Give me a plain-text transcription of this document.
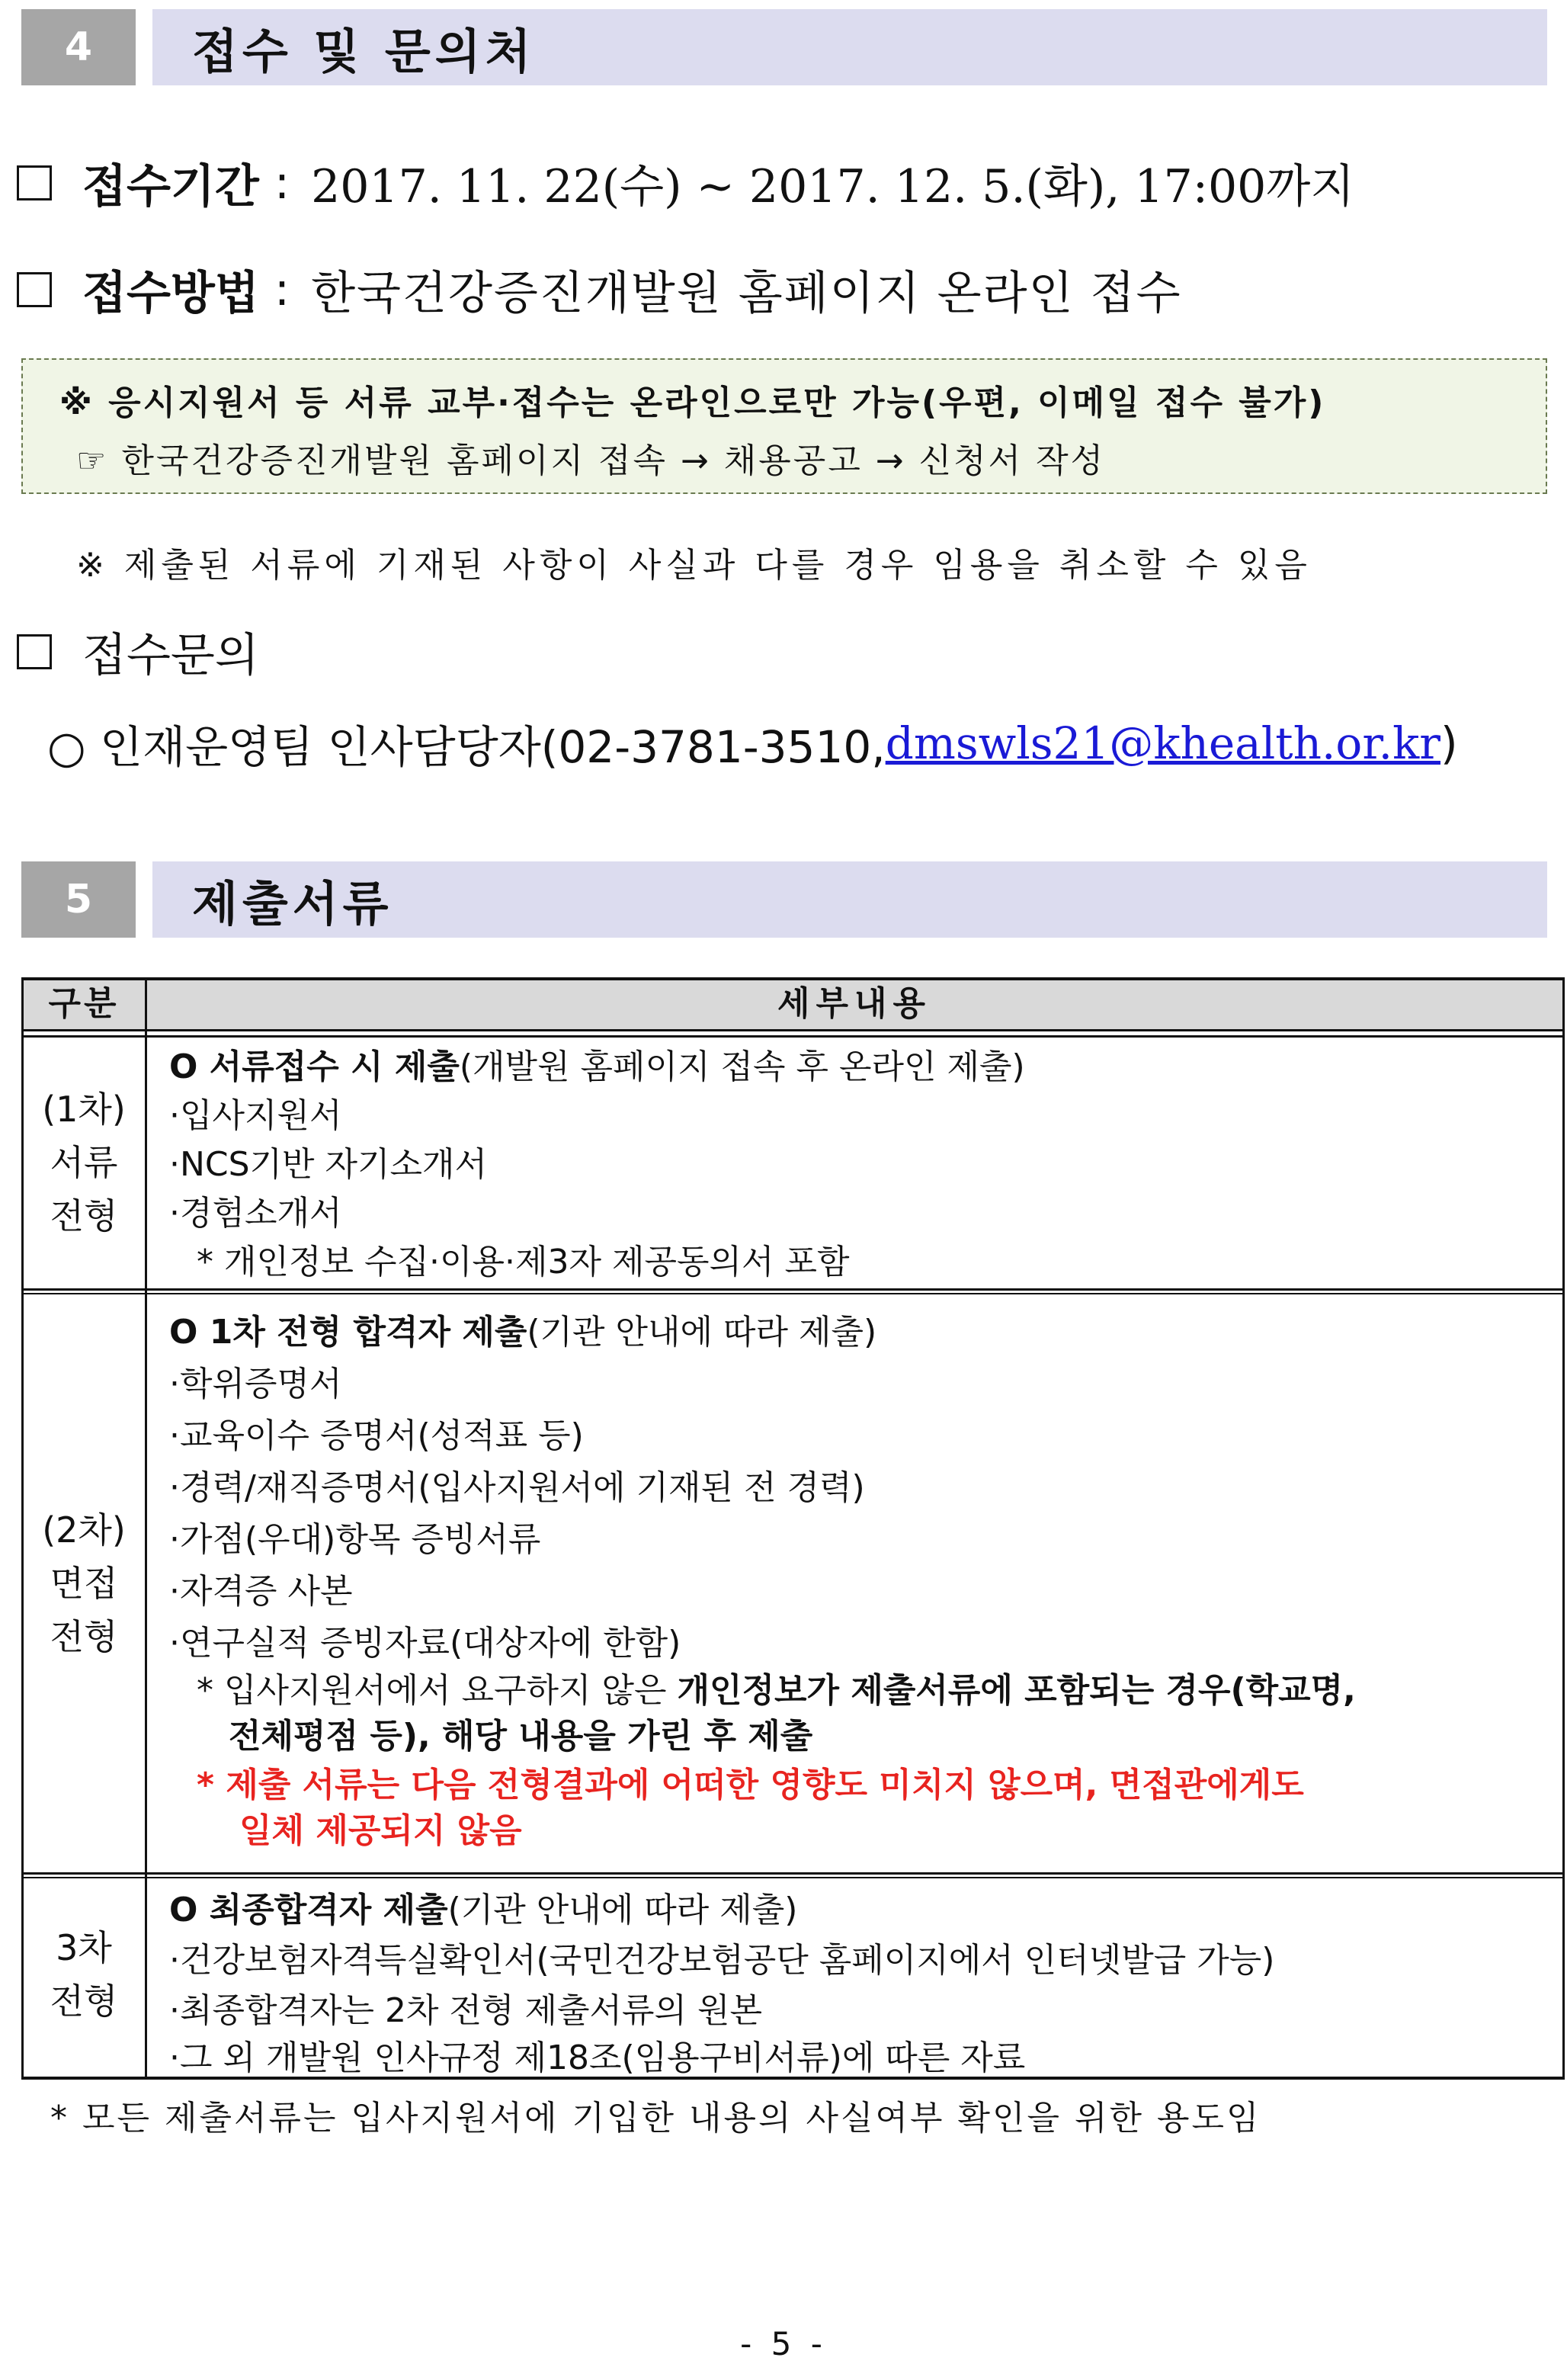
4 접수 및 문의처
접수기간 : 2017. 11. 22(수) ~ 2017. 12. 5.(화), 17:00까지
접수방법 : 한국건강증진개발원 홈페이지 온라인 접수
※ 응시지원서 등 서류 교부·접수는 온라인으로만 가능(우편, 이메일 접수 불가)
☞ 한국건강증진개발원 홈페이지 접속 → 채용공고 → 신청서 작성
※ 제출된 서류에 기재된 사항이 사실과 다를 경우 임용을 취소할 수 있음
접수문의
○ 인재운영팀 인사담당자(02-3781-3510, dmswls21@khealth.or.kr )
5 제출서류
구분	세부내용
(1차)
서류
전형
O 서류접수 시 제출(개발원 홈페이지 접속 후 온라인 제출)
·입사지원서
·NCS기반 자기소개서
·경험소개서
* 개인정보 수집·이용·제3자 제공동의서 포함
(2차)
면접
전형
O 1차 전형 합격자 제출(기관 안내에 따라 제출)
·학위증명서
·교육이수 증명서(성적표 등)
·경력/재직증명서(입사지원서에 기재된 전 경력)
·가점(우대)항목 증빙서류
·자격증 사본
·연구실적 증빙자료(대상자에 한함)
* 입사지원서에서 요구하지 않은 개인정보가 제출서류에 포함되는 경우(학교명,
전체평점 등), 해당 내용을 가린 후 제출
* 제출 서류는 다음 전형결과에 어떠한 영향도 미치지 않으며, 면접관에게도
일체 제공되지 않음
3차
전형
O 최종합격자 제출(기관 안내에 따라 제출)
·건강보험자격득실확인서(국민건강보험공단 홈페이지에서 인터넷발급 가능)
·최종합격자는 2차 전형 제출서류의 원본
·그 외 개발원 인사규정 제18조(임용구비서류)에 따른 자료
* 모든 제출서류는 입사지원서에 기입한 내용의 사실여부 확인을 위한 용도임
- 5 -
